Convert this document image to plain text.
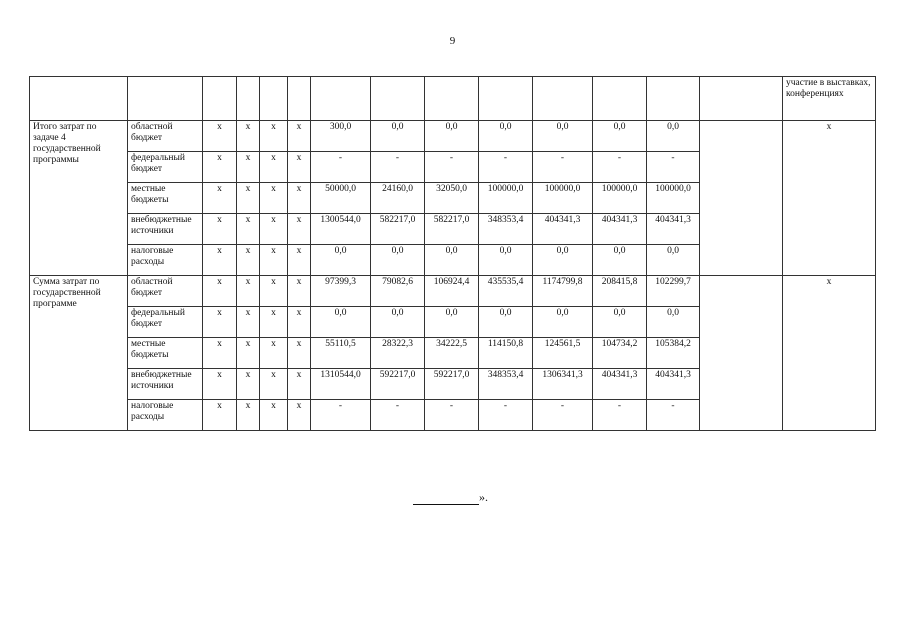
9
														участие в выставках, конференциях
Итого затрат по задаче 4 государственной программы	областной бюджет	х	х	х	х	300,0	0,0	0,0	0,0	0,0	0,0	0,0		х
	федеральный бюджет	х	х	х	х	-	-	-	-	-	-	-		
	местные бюджеты	х	х	х	х	50000,0	24160,0	32050,0	100000,0	100000,0	100000,0	100000,0		
	внебюджетные источники	х	х	х	х	1300544,0	582217,0	582217,0	348353,4	404341,3	404341,3	404341,3		
	налоговые расходы	х	х	х	х	0,0	0,0	0,0	0,0	0,0	0,0	0,0		
Сумма затрат по государственной программе	областной бюджет	х	х	х	х	97399,3	79082,6	106924,4	435535,4	1174799,8	208415,8	102299,7		х
	федеральный бюджет	х	х	х	х	0,0	0,0	0,0	0,0	0,0	0,0	0,0		
	местные бюджеты	х	х	х	х	55110,5	28322,3	34222,5	114150,8	124561,5	104734,2	105384,2		
	внебюджетные источники	х	х	х	х	1310544,0	592217,0	592217,0	348353,4	1306341,3	404341,3	404341,3		
	налоговые расходы	х	х	х	х	-	-	-	-	-	-	-		
».
